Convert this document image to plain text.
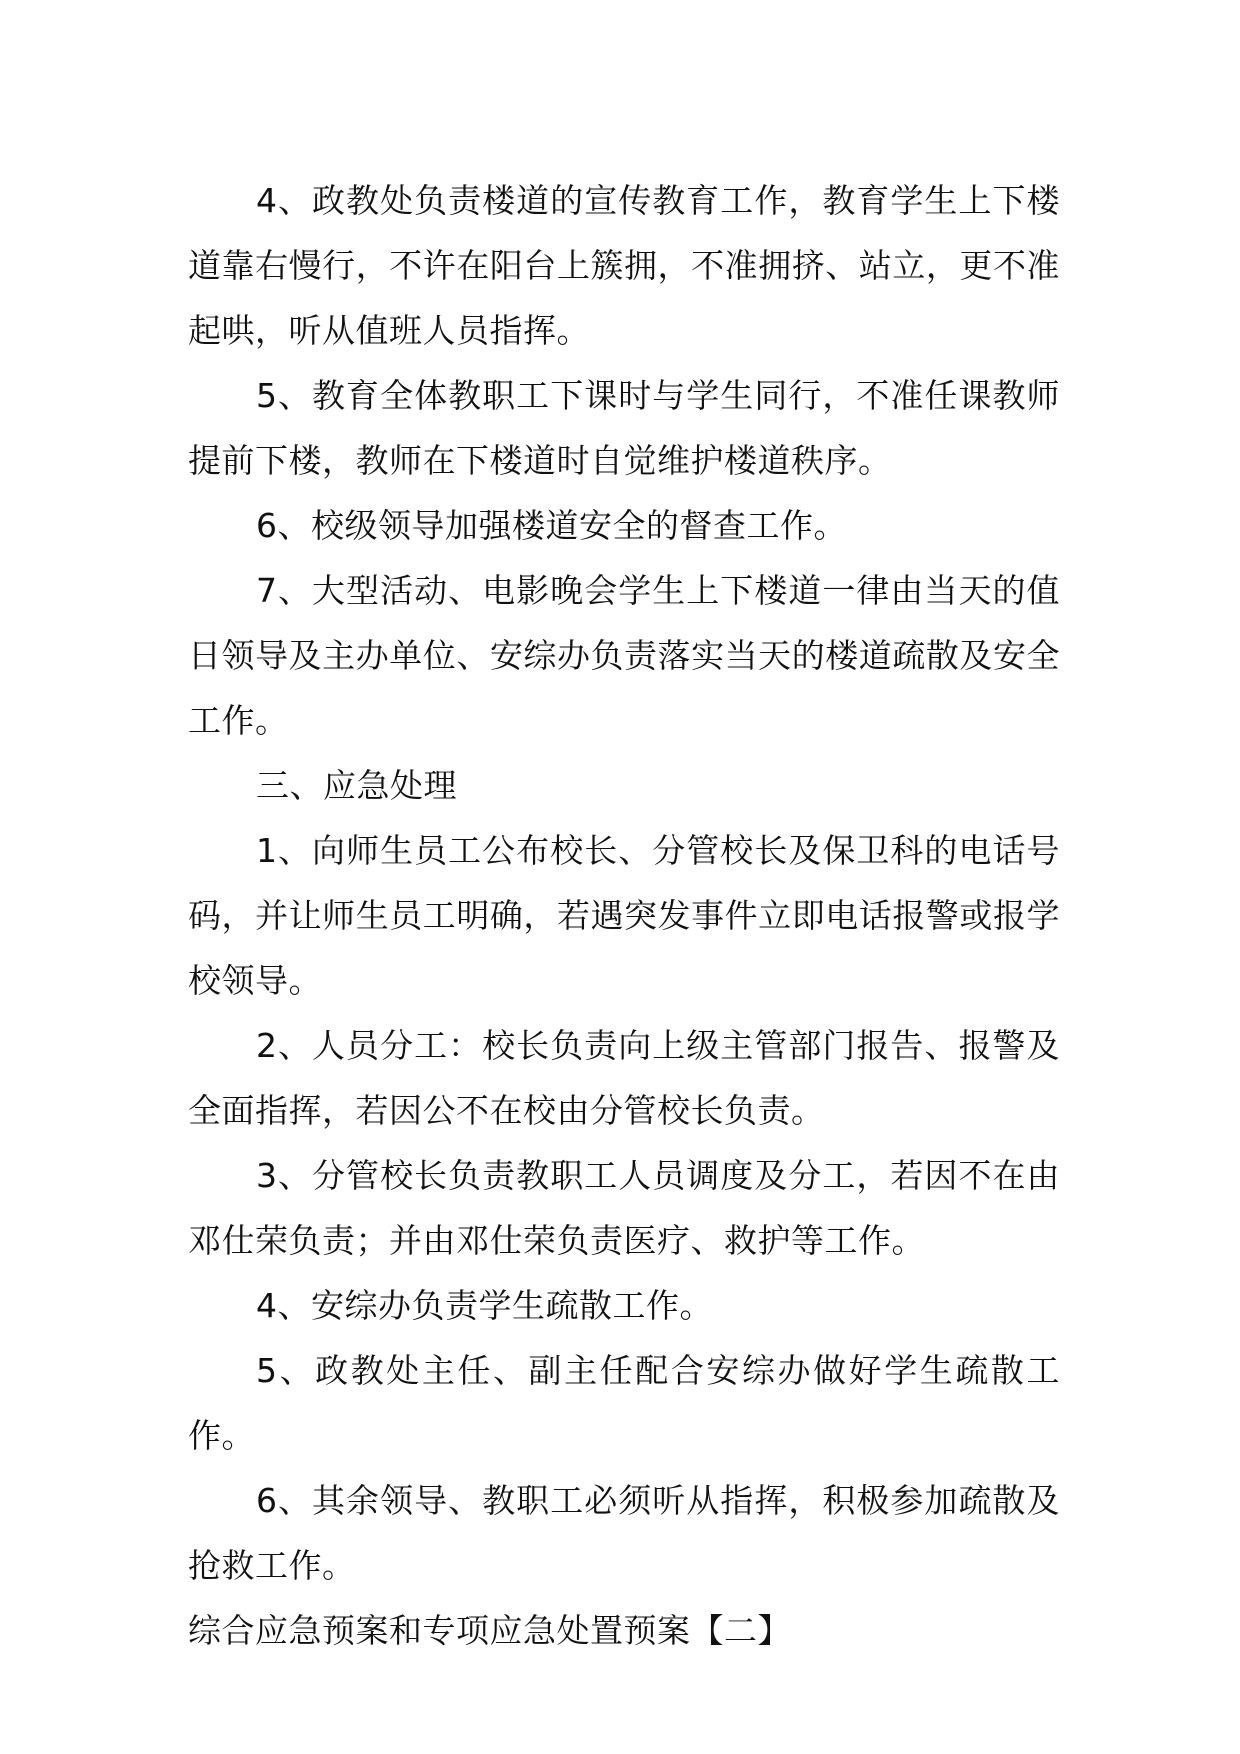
4、政教处负责楼道的宣传教育工作，教育学生上下楼道靠右慢行，不许在阳台上簇拥，不准拥挤、站立，更不准起哄，听从值班人员指挥。

5、教育全体教职工下课时与学生同行，不准任课教师提前下楼，教师在下楼道时自觉维护楼道秩序。

6、校级领导加强楼道安全的督查工作。

7、大型活动、电影晚会学生上下楼道一律由当天的值日领导及主办单位、安综办负责落实当天的楼道疏散及安全工作。

三、应急处理

1、向师生员工公布校长、分管校长及保卫科的电话号码，并让师生员工明确，若遇突发事件立即电话报警或报学校领导。

2、人员分工：校长负责向上级主管部门报告、报警及全面指挥，若因公不在校由分管校长负责。

3、分管校长负责教职工人员调度及分工，若因不在由邓仕荣负责；并由邓仕荣负责医疗、救护等工作。

4、安综办负责学生疏散工作。

5、政教处主任、副主任配合安综办做好学生疏散工作。

6、其余领导、教职工必须听从指挥，积极参加疏散及抢救工作。

综合应急预案和专项应急处置预案【二】
